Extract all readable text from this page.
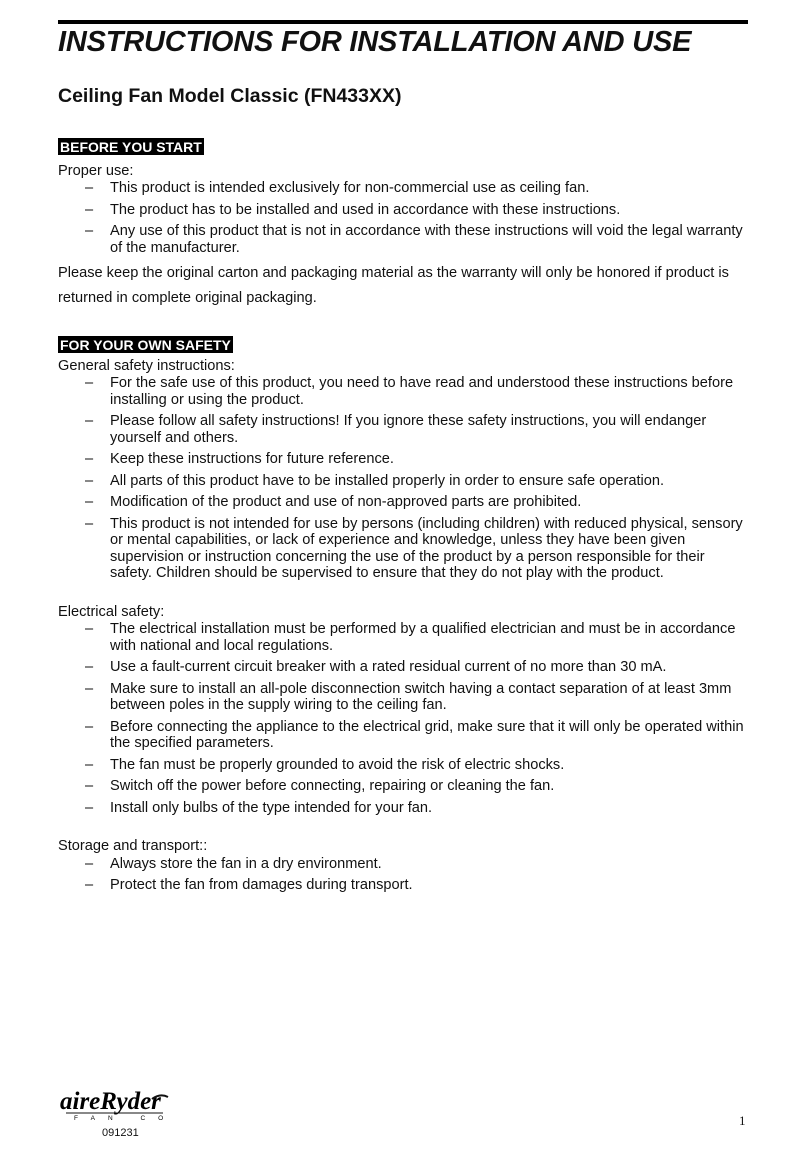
INSTRUCTIONS FOR INSTALLATION AND USE
Ceiling Fan Model Classic (FN433XX)
BEFORE YOU START

Proper use:

– This product is intended exclusively for non-commercial use as ceiling fan.
– The product has to be installed and used in accordance with these instructions.
– Any use of this product that is not in accordance with these instructions will void the legal warranty of the manufacturer.

Please keep the original carton and packaging material as the warranty will only be honored if product is returned in complete original packaging.

FOR YOUR OWN SAFETY

General safety instructions:

– For the safe use of this product, you need to have read and understood these instructions before installing or using the product.
– Please follow all safety instructions! If you ignore these safety instructions, you will endanger yourself and others.
– Keep these instructions for future reference.
– All parts of this product have to be installed properly in order to ensure safe operation.
– Modification of the product and use of non-approved parts are prohibited.
– This product is not intended for use by persons (including children) with reduced physical, sensory or mental capabilities, or lack of experience and knowledge, unless they have been given supervision or instruction concerning the use of the product by a person responsible for their safety. Children should be supervised to ensure that they do not play with the product.

Electrical safety:

– The electrical installation must be performed by a qualified electrician and must be in accordance with national and local regulations.
– Use a fault-current circuit breaker with a rated residual current of no more than 30 mA.
– Make sure to install an all-pole disconnection switch having a contact separation of at least 3mm between poles in the supply wiring to the ceiling fan.
– Before connecting the appliance to the electrical grid, make sure that it will only be operated within the specified parameters.
– The fan must be properly grounded to avoid the risk of electric shocks.
– Switch off the power before connecting, repairing or cleaning the fan.
– Install only bulbs of the type intended for your fan.

Storage and transport::

– Always store the fan in a dry environment.
– Protect the fan from damages during transport.
aireRyder
FAN CO
091231
1
